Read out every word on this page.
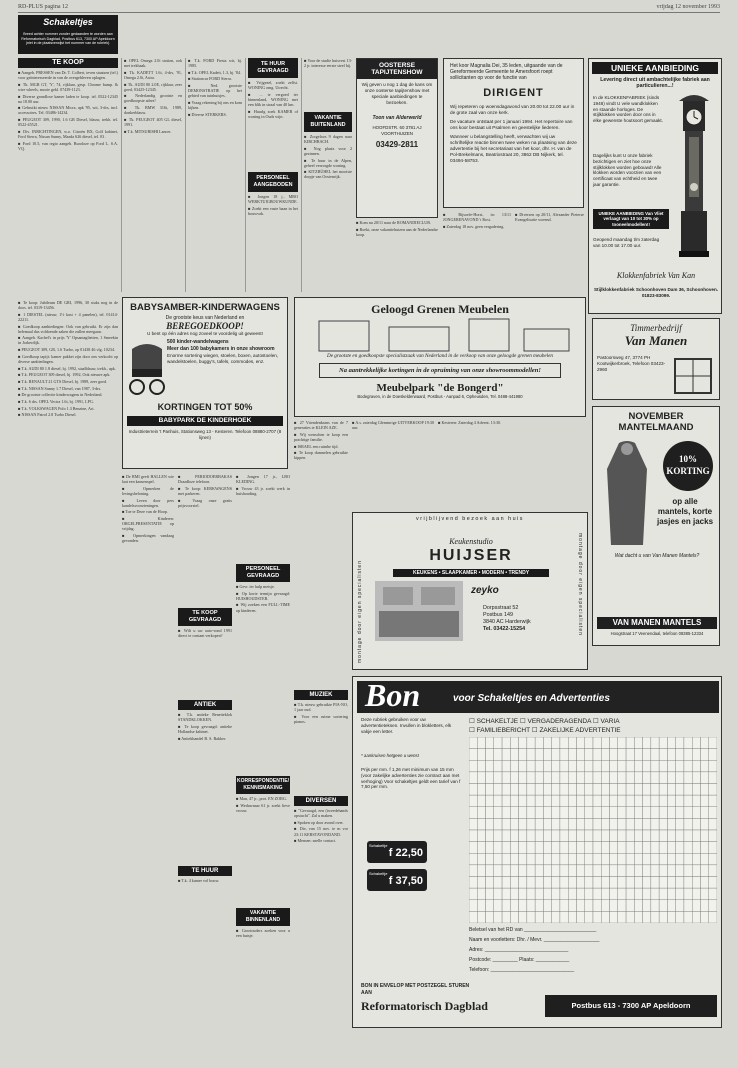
RD-PLUS pagina 12	vrijdag 12 november 1993
Schakeltjes
Breed achter nummer zonder gedaanden te worden aan Reformatorisch Dagblad, Postbus 613, 7300 AP Apeldoorn (niet in de plaatsverwijst het nummer van de rubriek).
TE KOOP

■ Aangeb. PRESSEN van Dr. T. Colbert, teven staatsen (tel.) voor geïnteresseerde in van de overgebleven oplagen.

■ Tk. MGB GT, 'Y', 74, rijklaar, gesp. Chrome bump. & wire wheels, mooie gekl. 07439-1123.

■ Diverse grondlose kamer laden te koop. tel. 0522-12345 na 18.00 uur.

■ Gebruikt nieuw NISSAN Micra, apk '95, wit, 3-drs, incl. accessoires. Tel. 03486-14234.

■ PEUGEOT 309, 1990, 1.6 GR Diesel, blauw, trekh. tel. 0522-45521.

■ Div. INRICHTINGEN, w.o. Citroën BX, Golf kabinet, Ford Sierra, Nissan Sunny, Mazda 626 diesel, tel. 03 .

■ Ford 10.5, van regio aangeb. Buroloze op Ford L. S.A. VQ.

■ Te koop: Jubileum DE GRI, 1996, 30 stuks nog in de doos. tel. 0319-13456.

■ 1 DIESTEL (nieuw, 1½ kast + 4 panelen), tel. 01414-22211.

■ Goedkoop aanbiedingen: Ook van gebruikt. Er zijn dan helemaal dus voldoende zaken die zullen meegaan.

■ Aangeb. Kachel's in prijs 'Y' Opsantaglietten, 1 Smeekin in Jorkerdijk.

■ PEUGEOT 309, GR, 1.6 Turbo, op 01438 46 vlg. 10234.

■ Goedkoop tapijt: kamer pakket zijn door ons verkocht op diverse aanbiedingen.

■ T.k. AUDI 80 1.8 diesel, bj. 1992, staalblauw, trekh., apk.

■ T.k. PEUGEOT 309 diesel, bj. 1992, Ook nieuwe apk.

■ T.k. RENAULT 21 GTS Diesel, bj. 1989, zeer goed.

■ T.k. NISSAN Sunny 1.7 Diesel, van 1987, 3-drs.

■ De grootste collectie kinderwagens in Nederland.

■ T.k. 6 drs. OPEL Vectra 1.6i, bj. 1991, LPG.

■ T.k. VOLKSWAGEN Polo 1.3 Benzine, Ari.

■ NISSAN Patrol 2.8 Turbo Diesel.

■ OPEL Omega 2.0i station, ook met trekhaak.

■ Tk. KADETT 1.6i, 4-drs, '91, Omega 2.0i, Astra.

■ Tk. AUDI 80 2.0E, rijklaar, zeer goed, 03425-12345.

■ Nederlandig grootste en goedkoopste adres!

■ Tk. BMW 316i, 1989, donkerblauw.

■ Tk. PEUGEOT 405 GL diesel, 1991.

■ T.k. MITSUBISHI Lancer.

■ T.k. FORD Fiesta wit, bj. 1985.

■ T.k. OPEL Kadett, 1.3, bj. '84.

■ Stationcar FORD Sierra.

■ Ned. grootste DEMONSTRATIE op het gebied van tuinhuisjes.

■ Vraag rekening bij ons en kom kijken.

■ Diverse STERKERS.

TE HUUR GEVRAAGD

■ Vrijgezel, zoekt zelfst. WONING omg. Utrecht.

■ ... te vergoed ter binnenland, WONING met een blik in straal van 40 km.

■ Huurlg zoek KAMER of woning in Ouds wijn.

PERSONEEL AANGEBODEN

■ Jongen 18 j., MBO WERKTUIGBOUWKUNDE.

■ Zoekt een vaste baan in het bouwvak.

■ Voor de studie huisvest 13-2 jr. interesse eerste steel bij.

VAKANTIE BUITENLAND

■ Zorgeloos 9 dagen naar KIRCHBACH.

■ Nog plaats voor 2 gezinnen.

■ Te huur in de Alpen, geheel verzorgde woning.

■ KITZBÜHEL het mooiste dorpje van Oostenrijk.

OOSTERSE TAPIJTENSHOW
Wij geven u nog 1 dag de kans om onze oosterse tapijtenshow met speciale aanbiedingen te bezoeken.
Toon van Alderwerld
HOOFDSTR. 60 3781 AJ VOORTHUIZEN
03429-2811

■ Kom nu 20/11 naar de ROMANDIECLUB.

■ Boekt, onze vakantiehuizen aan de Nederlandse koop.

Het koor Magnalia Dei, 35 leden, uitgaande van de Gereformeerde Gemeente te Amersfoort roept sollicitanten op voor de functie van
DIRIGENT
Wij repeteren op woensdagavond van 20.00 tot 22.00 uur in de grote zaal van onze kerk.
De vacature ontstaat per 1 januari 1994. Het repertoire van ons koor bestaat uit Psalmen en geestelijke liederen.
Wanneer u belangstelling heeft, verwachten wij uw schriftelijke reactie binnen twee weken na plaatsing van deze advertentie bij het secretariaat van het koor, dhr. H. van de Pol-Brekelmans, Beatrixstraat 20, 3862 DB Nijkerk, tel. 03494-58753.

■ Bijsoefe-Horst, in: 13/11 JONGERENAVOND 't Rost.

■ Zaterdag 18 nov. geen vergadering.

■ Diversen op 20/11, Alexander Pieterse Evangelisatie woensd.

UNIEKE AANBIEDING
Levering direct uit ambachtelijke fabriek aan particulieren...!
In de KLOKKENFABRIEK (sinds 1948) vindt U vele wandklokken en staande horloges. De stijlklokken worden door ons in elke gewenste houtsoort gemaakt.
Dagelijks kunt U onze fabriek bezichtigen en ziet hoe onze stijlklokken worden gebouwd! Alle klokken worden voorzien van een certificaat van echtheid en twee jaar garantie.
UNIEKE AANBIEDING Van Vliet verlaagt van 10 tot 30% op tooneelmodellen!!
Geopend maandag t/m zaterdag van 10.00 tot 17.00 uur.
Klokkenfabriek Van Kan
Stijlklokkenfabriek Schoonhoven Dam 36, Schoonhoven. 01823-83099.
BABYSAMBER-KINDERWAGENS
De grootste keus van Nederland en
BEREGOEDKOOP!
U bent op één adres nog zoveel te voordelig uit geweest!
500 kinder-wandelwagens
Meer dan 100 babykamers in onze showroom
Enorme sortering wiegen, stoelen, boxen, autostoelen, wandelstoelen, buggy's, tafels, commodes, enz.
KORTINGEN TOT 50%
BABYPARK DE KINDERHOEK
Industrieterrein 't Panhuis, Stationsweg 13 - Kesteren. Telefoon 08880-2707 (8 lijnen)
Geloogd Grenen Meubelen
De grootste en goedkoopste specialistzaak van Nederland in de verkoop van onze geloogde grenen meubelen
Na aantrekkelijke kortingen in de opruiming van onze showroommodellen!
Meubelpark "de Bongerd"
Bodegraven, in de Doeskelderwaard, Postbus - Aanpad 6, Opheusden, Tel. 0488-441980
Timmerbedrijf
Van Manen
Pastoorsweg 47, 3774 PH Kootwijkerbroek, Telefoon 03423-2960
NOVEMBER MANTELMAAND
10% KORTING
op alle mantels, korte jasjes en jacks
Wat dacht u van Van Manen Mantels?
VAN MANEN MANTELS
Hoogstraat 17 Veenendaal, telefoon 08385-12334

■ De RMI geeft HALLEN wie laat een kansenspel.

■ Opmerken de levingsbeloning.

■ Leven door pers kandelsvoorzieningen.

■ Toe te Deze van de Hoop.

■ Kinderen: ORGELPRESENTATIE op vrijdag.

■ Opmerkingen vandaag gevonden.

■ PERIODOERBAKAS Draadloze telefoon.

■ Te koop: KERKWAGENS met parkeren.

■ Vraag onze gratis prijsvoorstel.

TE KOOP GEVRAAGD

■ Wilt u uw auto-vond 1991 direct te contant verkopen?

ANTIEK

■ T.k. antieke Renetteklok STANDKLOKKEN.

■ Te koop gevraagd: antieke Hollandse kabinet.

■ Antiekhandel B. S. Bakker.

TE HUUR

■ T.k. 4 kamer vol bouw.

■ Jongen 17 jr., LBO KLEDING.

■ Vrouw 43 jr. zoekt werk in huishouding.

PERSONEEL GEVRAAGD

■ Gevr. ter hulp meisje.

■ Op korte termijn gevraagd: HUISHOUDSTER.

■ Wij zoeken een FULL-TIME op kinderen.

KORRESPONDENTIE/ KENNISMAKING

■ Man, 47 jr., prot. EN ZORG.

■ Weduwnaar 61 jr. zoekt lieve vrouw.

VAKANTIE BINNENLAND

■ Grootouders zoeken voor u een huisje.

■ 27 Vriendenkrans van de 7 generaties te KLEIN AZE.

■ Wij wenschen te koop een prachtige familie.

■ ISRAEL een ruimbe tijd.

■ Te koop dumnelen gebruikte kippen.

MUZIEK

■ T.k. nieuw gebruikte PIA-NO, 1 jaar oud.

■ Voor een ruime sortering pianos.

DIVERSEN

■ "Gevraagd, een (tweedehands opstucht". Zal u maken.

■ Spoken op door avond over.

■ Div, van 15 nov. te m vor 23:11 KERSTAVONDAND.

■ Mensen: snelle contact.

■ A.s. zaterdag Glemmrige UITVERKOOP 19:30 uur.

■ Kesteren: Zaterdag 4 Advent. 13:30.

vrijblijvend bezoek aan huis
montage door eigen specialisten	montage door eigen specialisten
Keukenstudio
HUIJSER
KEUKENS • SLAAPKAMER • MODERN • TRENDY
zeyko
Dorpsstraat 52
Postbus 149
3840 AC Harderwijk
Tel. 03422-15254
Bon	voor Schakeltjes en Advertenties
Deze rubriek gebruiken voor uw advertentieteksen. Invullen in blokletters, elk vakje een letter.
☐ SCHAKELTJE ☐ VERGADERAGENDA ☐ VARIA
☐ FAMILIEBERICHT ☐ ZAKELIJKE ADVERTENTIE
* aankruisen hetgeen u wenst
Prijs per mm. f 1,26 met minimum van 15 mm (voor zakelijke advertenties zie contract aan met verhoging) Voor schakeltjes geldt een tarief van f 7,50 per mm.
Schakeltje
f 22,50
Schakeltje
f 37,50
Beletsel van het RD van __________________________
Naam en voorletters: Dhr. / Mevr. ____________________
Adres: ______________________________
Postcode: _________ Plaats: ____________
Telefoon: ______________________________
BON IN ENVELOP MET POSTZEGEL STUREN AAN
Reformatorisch Dagblad	Postbus 613 - 7300 AP Apeldoorn
